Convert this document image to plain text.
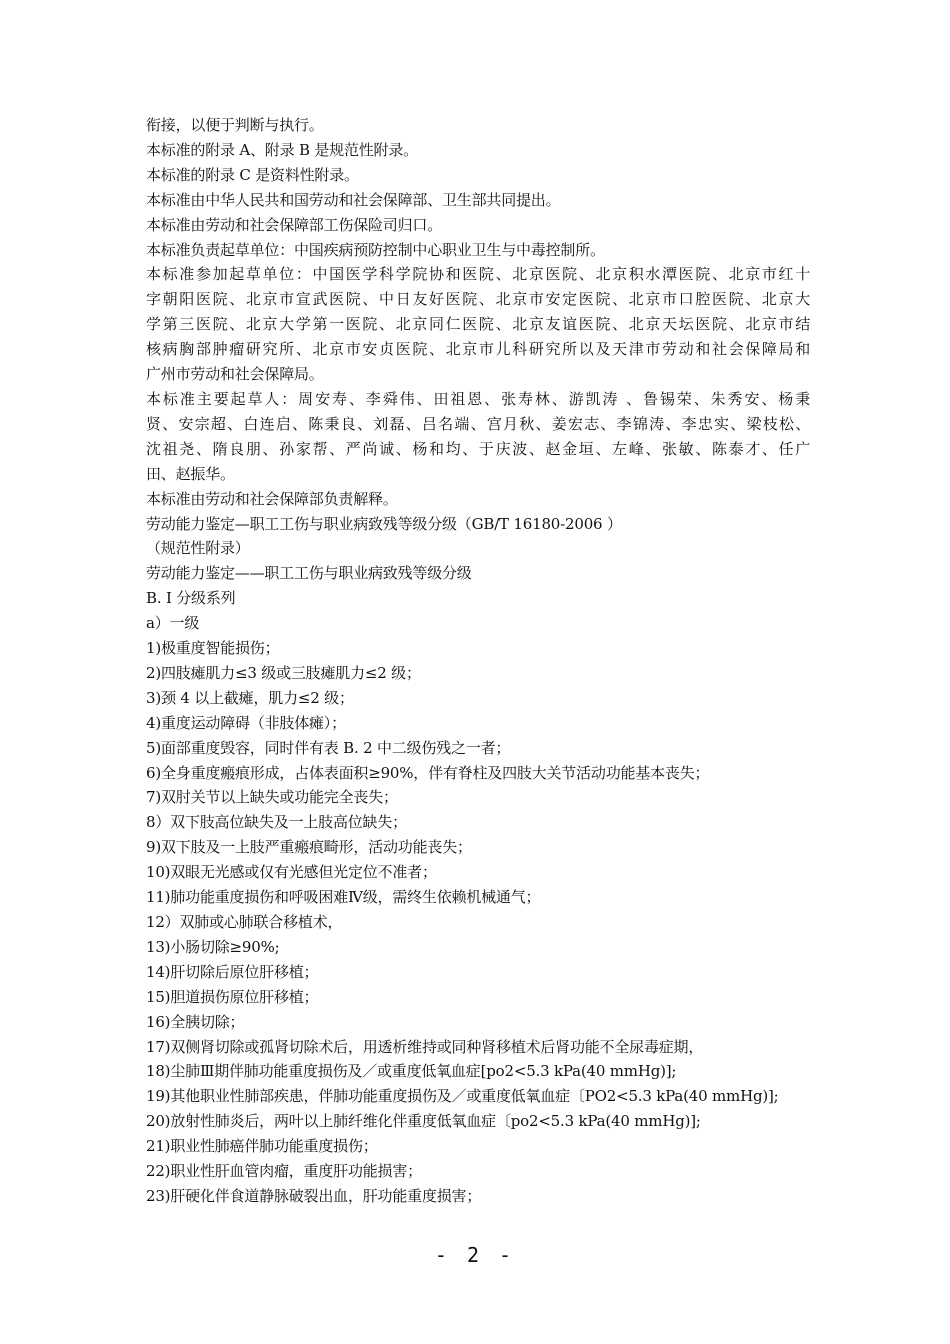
衔接，以便于判断与执行。
本标准的附录 A、附录 B 是规范性附录。
本标准的附录 C 是资料性附录。
本标准由中华人民共和国劳动和社会保障部、卫生部共同提出。
本标准由劳动和社会保障部工伤保险司归口。
本标准负责起草单位：中国疾病预防控制中心职业卫生与中毒控制所。
本标准参加起草单位：中国医学科学院协和医院、北京医院、北京积水潭医院、北京市红十
字朝阳医院、北京市宣武医院、中日友好医院、北京市安定医院、北京市口腔医院、北京大
学第三医院、北京大学第一医院、北京同仁医院、北京友谊医院、北京天坛医院、北京市结
核病胸部肿瘤研究所、北京市安贞医院、北京市儿科研究所以及天津市劳动和社会保障局和
广州市劳动和社会保障局。
本标准主要起草人：周安寿、李舜伟、田祖恩、张寿林、游凯涛 、鲁锡荣、朱秀安、杨秉
贤、安宗超、白连启、陈秉良、刘磊、吕名端、宫月秋、姜宏志、李锦涛、李忠实、梁枝松、
沈祖尧、隋良朋、孙家帮、严尚诚、杨和均、于庆波、赵金垣、左峰、张敏、陈泰才、任广
田、赵振华。
本标准由劳动和社会保障部负责解释。
劳动能力鉴定—职工工伤与职业病致残等级分级（GB/T 16180-2006 ）
（规范性附录）
劳动能力鉴定——职工工伤与职业病致残等级分级
B. I 分级系列
a）一级
1)极重度智能损伤；
2)四肢瘫肌力≤3 级或三肢瘫肌力≤2 级；
3)颈 4 以上截瘫，肌力≤2 级；
4)重度运动障碍（非肢体瘫）；
5)面部重度毁容，同时伴有表 B. 2 中二级伤残之一者；
6)全身重度瘢痕形成，占体表面积≥90%，伴有脊柱及四肢大关节活动功能基本丧失；
7)双肘关节以上缺失或功能完全丧失；
8）双下肢高位缺失及一上肢高位缺失；
9)双下肢及一上肢严重瘢痕畸形，活动功能丧失；
10)双眼无光感或仅有光感但光定位不准者；
11)肺功能重度损伤和呼吸困难Ⅳ级，需终生依赖机械通气；
12）双肺或心肺联合移植术，
13)小肠切除≥90%;
14)肝切除后原位肝移植；
15)胆道损伤原位肝移植；
16)全胰切除；
17)双侧肾切除或孤肾切除术后，用透析维持或同种肾移植术后肾功能不全尿毒症期，
18)尘肺Ⅲ期伴肺功能重度损伤及／或重度低氧血症[po2<5.3 kPa(40 mmHg)];
19)其他职业性肺部疾患，伴肺功能重度损伤及／或重度低氧血症〔PO2<5.3 kPa(40 mmHg)];
20)放射性肺炎后，两叶以上肺纤维化伴重度低氧血症〔po2<5.3 kPa(40 mmHg)];
21)职业性肺癌伴肺功能重度损伤；
22)职业性肝血管肉瘤，重度肝功能损害；
23)肝硬化伴食道静脉破裂出血，肝功能重度损害；
- 2 -
